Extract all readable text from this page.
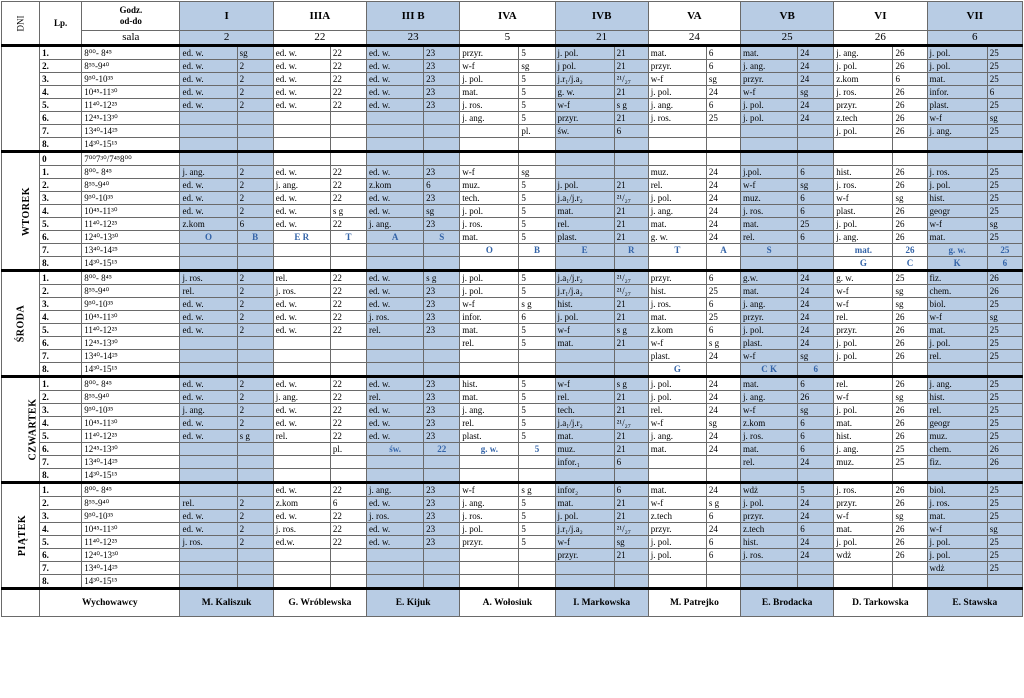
DNI	Lp.	Godz.
od-do	I		IIIA		III B		IVA		IVB		VA		VB		VI		VII	
		sala	2		22		23		5		21		24		25		26		6	
	1.	8⁰⁰- 8⁴⁵	ed. w.	sg	ed. w.	22	ed. w.	23	przyr.	5	j. pol.	21	mat.	6	mat.	24	j. ang.	26	j. pol.	25
	2.	8⁵⁵-9⁴⁰	ed. w.	2	ed. w.	22	ed. w.	23	w-f	sg	j pol.	21	przyr.	6	j. ang.	24	j. pol.	26	j. pol.	25
	3.	9⁵⁰-10³⁵	ed. w.	2	ed. w.	22	ed. w.	23	j. pol.	5	j.r₁/j.a₂	²¹/₂₇	w-f	sg	przyr.	24	z.kom	6	mat.	25
	4.	10⁴⁵-11³⁰	ed. w.	2	ed. w.	22	ed. w.	23	mat.	5	g. w.	21	j. pol.	24	w-f	sg	j. ros.	26	infor.	6
	5.	11⁴⁰-12²⁵	ed. w.	2	ed. w.	22	ed. w.	23	j. ros.	5	w-f	s g	j. ang.	6	j. pol.	24	przyr.	26	plast.	25
	6.	12⁴⁵-13³⁰							j. ang.	5	przyr.	21	j. ros.	25	j. pol.	24	z.tech	26	w-f	sg
	7.	13⁴⁰-14²⁵								pl.	św.	6					j. pol.	26	j. ang.	25
	8.	14³⁰-15¹⁵																		
WTOREK	0	7⁰⁰7³⁰/7⁴⁵8⁰⁰																		
	1.	8⁰⁰- 8⁴⁵	j. ang.	2	ed. w.	22	ed. w.	23	w-f	sg			muz.	24	j.pol.	6	hist.	26	j. ros.	25
	2.	8⁵⁵-9⁴⁰	ed. w.	2	j. ang.	22	z.kom	6	muz.	5	j. pol.	21	rel.	24	w-f	sg	j. ros.	26	j. pol.	25
	3.	9⁵⁰-10³⁵	ed. w.	2	ed. w.	22	ed. w.	23	tech.	5	j.a₁/j.r₂	²¹/₂₇	j. pol.	24	muz.	6	w-f	sg	hist.	25
	4.	10⁴⁵-11³⁰	ed. w.	2	ed. w.	s g	ed. w.	sg	j. pol.	5	mat.	21	j. ang.	24	j. ros.	6	plast.	26	geogr	25
	5.	11⁴⁰-12²⁵	z.kom	6	ed. w.	22	j. ang.	23	j. ros.	5	rel.	21	mat.	24	mat.	25	j. pol.	26	w-f	sg
	6.	12⁴⁰-13³⁰	O	B	E R	T	A	S	mat.	5	plast.	21	g. w.	24	rel.	6	j. ang.	26	mat.	25
	7.	13⁴⁰-14²⁵							O	B	E	R	T	A	S		mat.	26	g. w.	25
	8.	14³⁰-15¹⁵															G	C	K	6
ŚRODA	1.	8⁰⁰- 8⁴⁵	j. ros.	2	rel.	22	ed. w.	s g	j. pol.	5	j.a₁/j.r₂	²¹/₂₇	przyr.	6	g.w.	24	g. w.	25	fiz.	26
	2.	8⁵⁵-9⁴⁰	rel.	2	j. ros.	22	ed. w.	23	j. pol.	5	j.r₁/j.a₂	²¹/₂₇	hist.	25	mat.	24	w-f	sg	chem.	26
	3.	9⁵⁰-10³⁵	ed. w.	2	ed. w.	22	ed. w.	23	w-f	s g	hist.	21	j. ros.	6	j. ang.	24	w-f	sg	biol.	25
	4.	10⁴⁵-11³⁰	ed. w.	2	ed. w.	22	j. ros.	23	infor.	6	j. pol.	21	mat.	25	przyr.	24	rel.	26	w-f	sg
	5.	11⁴⁰-12²⁵	ed. w.	2	ed. w.	22	rel.	23	mat.	5	w-f	s g	z.kom	6	j. pol.	24	przyr.	26	mat.	25
	6.	12⁴⁵-13³⁰							rel.	5	mat.	21	w-f	s g	plast.	24	j. pol.	26	j. pol.	25
	7.	13⁴⁰-14²⁵											plast.	24	w-f	sg	j. pol.	26	rel.	25
	8.	14³⁰-15¹⁵											G		C K	6				
CZWARTEK	1.	8⁰⁰- 8⁴⁵	ed. w.	2	ed. w.	22	ed. w.	23	hist.	5	w-f	s g	j. pol.	24	mat.	6	rel.	26	j. ang.	25
	2.	8⁵⁵-9⁴⁰	ed. w.	2	j. ang.	22	rel.	23	mat.	5	rel.	21	j. pol.	24	j. ang.	26	w-f	sg	hist.	25
	3.	9⁵⁰-10³⁵	j. ang.	2	ed. w.	22	ed. w.	23	j. ang.	5	tech.	21	rel.	24	w-f	sg	j. pol.	26	rel.	25
	4.	10⁴⁵-11³⁰	ed. w.	2	ed. w.	22	ed. w.	23	rel.	5	j.a₁/j.r₂	²¹/₂₇	w-f	sg	z.kom	6	mat.	26	geogr	25
	5.	11⁴⁰-12²⁵	ed. w.	s g	rel.	22	ed. w.	23	plast.	5	mat.	21	j. ang.	24	j. ros.	6	hist.	26	muz.	25
	6.	12⁴⁵-13³⁰				pl.	św.	22	g. w.	5	muz.	21	mat.	24	mat.	6	j. ang.	25	chem.	26
	7.	13⁴⁰-14²⁵									infor.₁	6			rel.	24	muz.	25	fiz.	26
	8.	14³⁰-15¹⁵																		
PIĄTEK	1.	8⁰⁰- 8⁴⁵			ed. w.	22	j. ang.	23	w-f	s g	infor₂	6	mat.	24	wdż	5	j. ros.	26	biol.	25
	2.	8⁵⁵-9⁴⁰	rel.	2	z.kom	6	ed. w.	23	j. ang.	5	mat.	21	w-f	s g	j. pol.	24	przyr.	26	j. ros.	25
	3.	9⁵⁰-10³⁵	ed. w.	2	ed. w.	22	j. ros.	23	j. ros.	5	j. pol.	21	z.tech	6	przyr.	24	w-f	sg	mat.	25
	4.	10⁴⁵-11³⁰	ed. w.	2	j. ros.	22	ed. w.	23	j. pol.	5	j.r₁/j.a₂	²¹/₂₇	przyr.	24	z.tech	6	mat.	26	w-f	sg
	5.	11⁴⁰-12²⁵	j. ros.	2	ed.w.	22	ed. w.	23	przyr.	5	w-f	sg	j. pol.	6	hist.	24	j. pol.	26	j. pol.	25
	6.	12⁴⁰-13³⁰									przyr.	21	j. pol.	6	j. ros.	24	wdż	26	j. pol.	25
	7.	13⁴⁰-14²⁵																	wdż	25
	8.	14³⁰-15¹⁵																		
	Wychowawcy		M. Kaliszuk		G. Wróblewska		E. Kijuk		A. Wołosiuk		I. Markowska		M. Patrejko		E. Brodacka		D. Tarkowska		E. Stawska	
